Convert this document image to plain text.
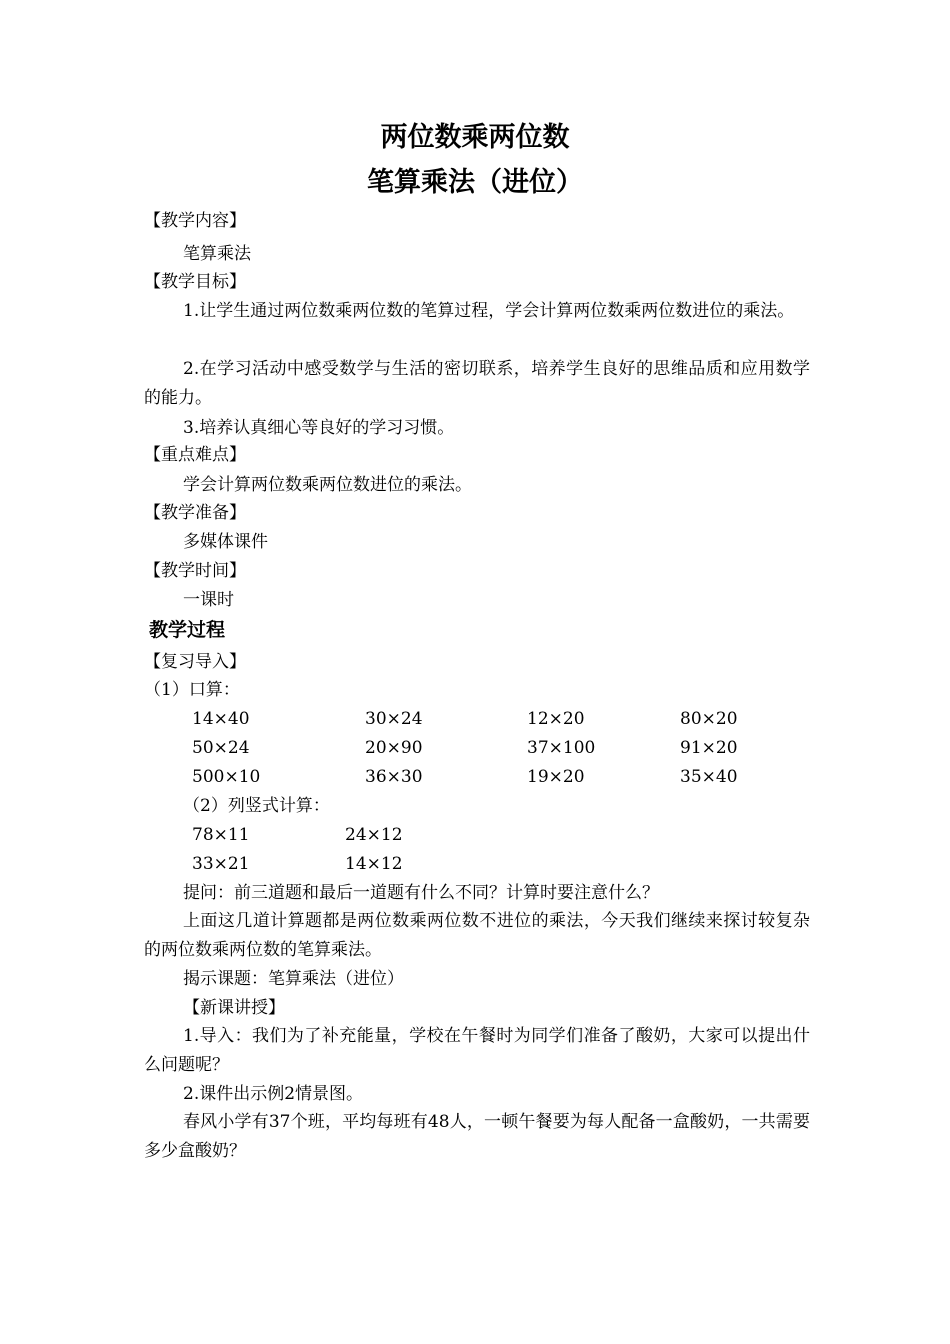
两位数乘两位数
笔算乘法（进位）
【教学内容】
笔算乘法
【教学目标】
1.让学生通过两位数乘两位数的笔算过程，学会计算两位数乘两位数进位的乘法。
2.在学习活动中感受数学与生活的密切联系，培养学生良好的思维品质和应用数学的能力。
3.培养认真细心等良好的学习习惯。
【重点难点】
学会计算两位数乘两位数进位的乘法。
【教学准备】
多媒体课件
【教学时间】
一课时
教学过程
【复习导入】
（1）口算：
14×40	30×24	12×20	80×20
50×24	20×90	37×100	91×20
500×10	36×30	19×20	35×40
（2）列竖式计算：
78×11	24×12
33×21	14×12
提问：前三道题和最后一道题有什么不同？计算时要注意什么？
上面这几道计算题都是两位数乘两位数不进位的乘法，今天我们继续来探讨较复杂的两位数乘两位数的笔算乘法。
揭示课题：笔算乘法（进位）
【新课讲授】
1.导入：我们为了补充能量，学校在午餐时为同学们准备了酸奶，大家可以提出什么问题呢？
2.课件出示例2情景图。
春风小学有37个班，平均每班有48人，一顿午餐要为每人配备一盒酸奶，一共需要多少盒酸奶？
